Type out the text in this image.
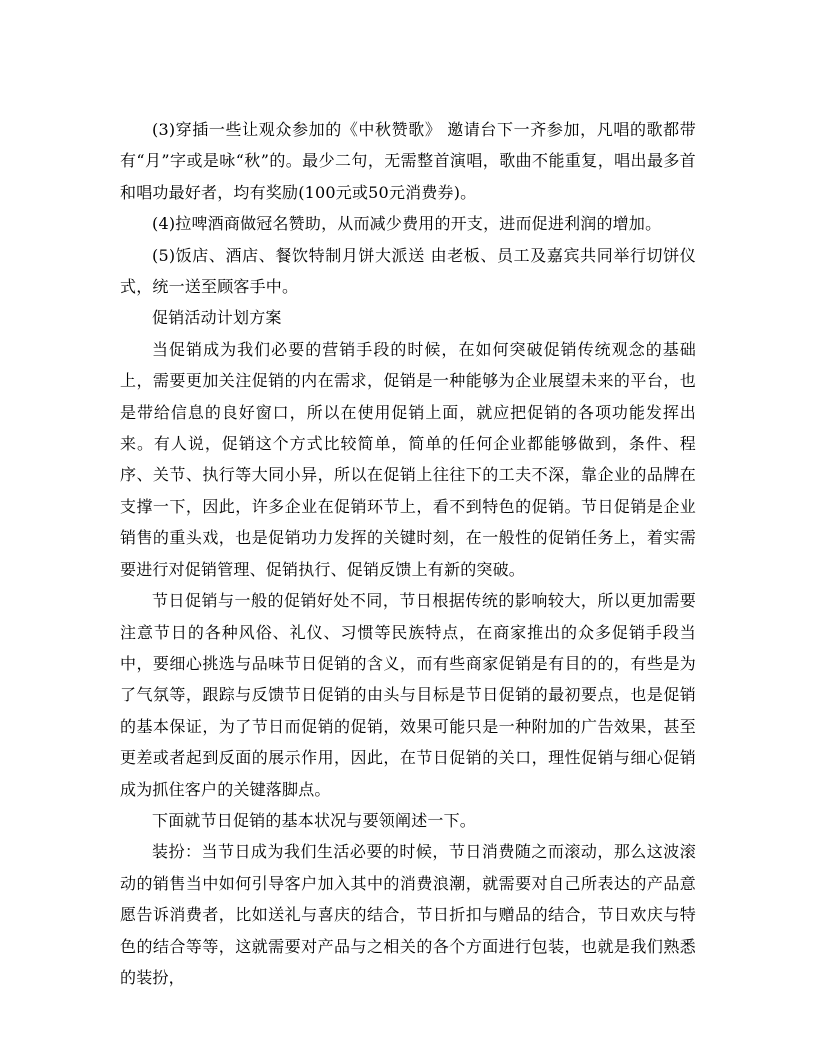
(3)穿插一些让观众参加的《中秋赞歌》 邀请台下一齐参加，凡唱的歌都带有“月”字或是咏“秋”的。最少二句，无需整首演唱，歌曲不能重复，唱出最多首和唱功最好者，均有奖励(100元或50元消费券)。

(4)拉啤酒商做冠名赞助，从而减少费用的开支，进而促进利润的增加。

(5)饭店、酒店、餐饮特制月饼大派送 由老板、员工及嘉宾共同举行切饼仪式，统一送至顾客手中。

促销活动计划方案

当促销成为我们必要的营销手段的时候，在如何突破促销传统观念的基础上，需要更加关注促销的内在需求，促销是一种能够为企业展望未来的平台，也是带给信息的良好窗口，所以在使用促销上面，就应把促销的各项功能发挥出来。有人说，促销这个方式比较简单，简单的任何企业都能够做到，条件、程序、关节、执行等大同小异，所以在促销上往往下的工夫不深，靠企业的品牌在支撑一下，因此，许多企业在促销环节上，看不到特色的促销。节日促销是企业销售的重头戏，也是促销功力发挥的关键时刻，在一般性的促销任务上，着实需要进行对促销管理、促销执行、促销反馈上有新的突破。

节日促销与一般的促销好处不同，节日根据传统的影响较大，所以更加需要注意节日的各种风俗、礼仪、习惯等民族特点，在商家推出的众多促销手段当中，要细心挑选与品味节日促销的含义，而有些商家促销是有目的的，有些是为了气氛等，跟踪与反馈节日促销的由头与目标是节日促销的最初要点，也是促销的基本保证，为了节日而促销的促销，效果可能只是一种附加的广告效果，甚至更差或者起到反面的展示作用，因此，在节日促销的关口，理性促销与细心促销成为抓住客户的关键落脚点。

下面就节日促销的基本状况与要领阐述一下。

装扮：当节日成为我们生活必要的时候，节日消费随之而滚动，那么这波滚动的销售当中如何引导客户加入其中的消费浪潮，就需要对自己所表达的产品意愿告诉消费者，比如送礼与喜庆的结合，节日折扣与赠品的结合，节日欢庆与特色的结合等等，这就需要对产品与之相关的各个方面进行包装，也就是我们熟悉的装扮，
